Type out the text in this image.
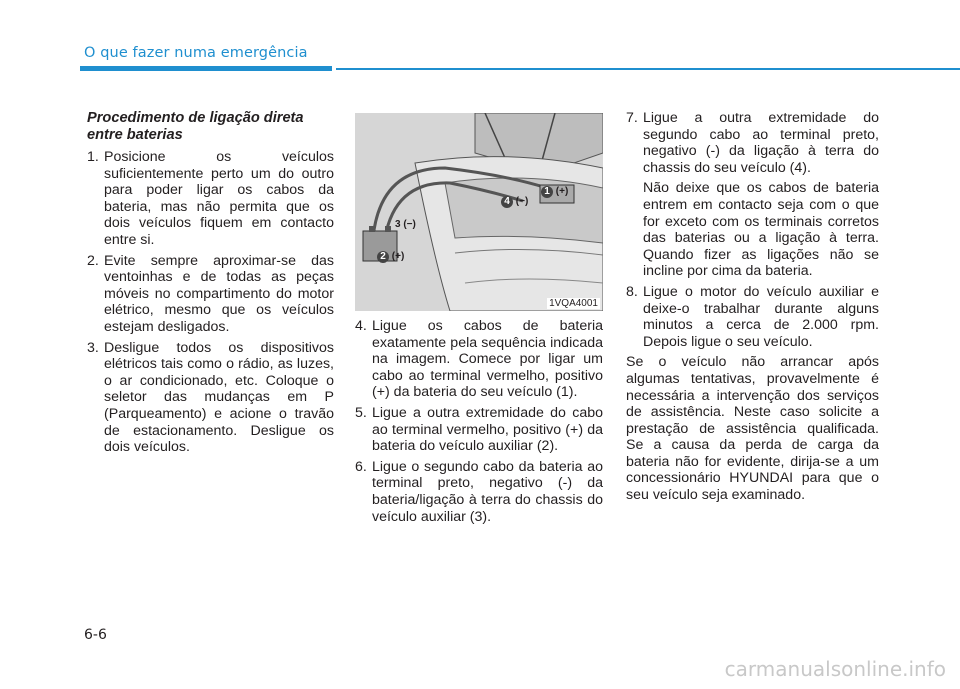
O que fazer numa emergência
Procedimento de ligação direta entre baterias
1. Posicione os veículos suficientemente perto um do outro para poder ligar os cabos da bateria, mas não permita que os dois veículos fiquem em contacto entre si.
2. Evite sempre aproximar-se das ventoinhas e de todas as peças móveis no compartimento do motor elétrico, mesmo que os veículos estejam desligados.
3. Desligue todos os dispositivos elétricos tais como o rádio, as luzes, o ar condicionado, etc. Coloque o seletor das mudanças em P (Parqueamento) e acione o travão de estacionamento. Desligue os dois veículos.
1 (+)
4 (−)
3 (−)
2 (+)
1VQA4001
4. Ligue os cabos de bateria exatamente pela sequência indicada na imagem. Comece por ligar um cabo ao terminal vermelho, positivo (+) da bateria do seu veículo (1).
5. Ligue a outra extremidade do cabo ao terminal vermelho, positivo (+) da bateria do veículo auxiliar (2).
6. Ligue o segundo cabo da bateria ao terminal preto, negativo (-) da bateria/ligação à terra do chassis do veículo auxiliar (3).
7. Ligue a outra extremidade do segundo cabo ao terminal preto, negativo (-) da ligação à terra do chassis do seu veículo (4).
Não deixe que os cabos de bateria entrem em contacto seja com o que for exceto com os terminais corretos das baterias ou a ligação à terra. Quando fizer as ligações não se incline por cima da bateria.
8. Ligue o motor do veículo auxiliar e deixe-o trabalhar durante alguns minutos a cerca de 2.000 rpm. Depois ligue o seu veículo.
Se o veículo não arrancar após algumas tentativas, provavelmente é necessária a intervenção dos serviços de assistência. Neste caso solicite a prestação de assistência qualificada. Se a causa da perda de carga da bateria não for evidente, dirija-se a um concessionário HYUNDAI para que o seu veículo seja examinado.
6-6
carmanualsonline.info
